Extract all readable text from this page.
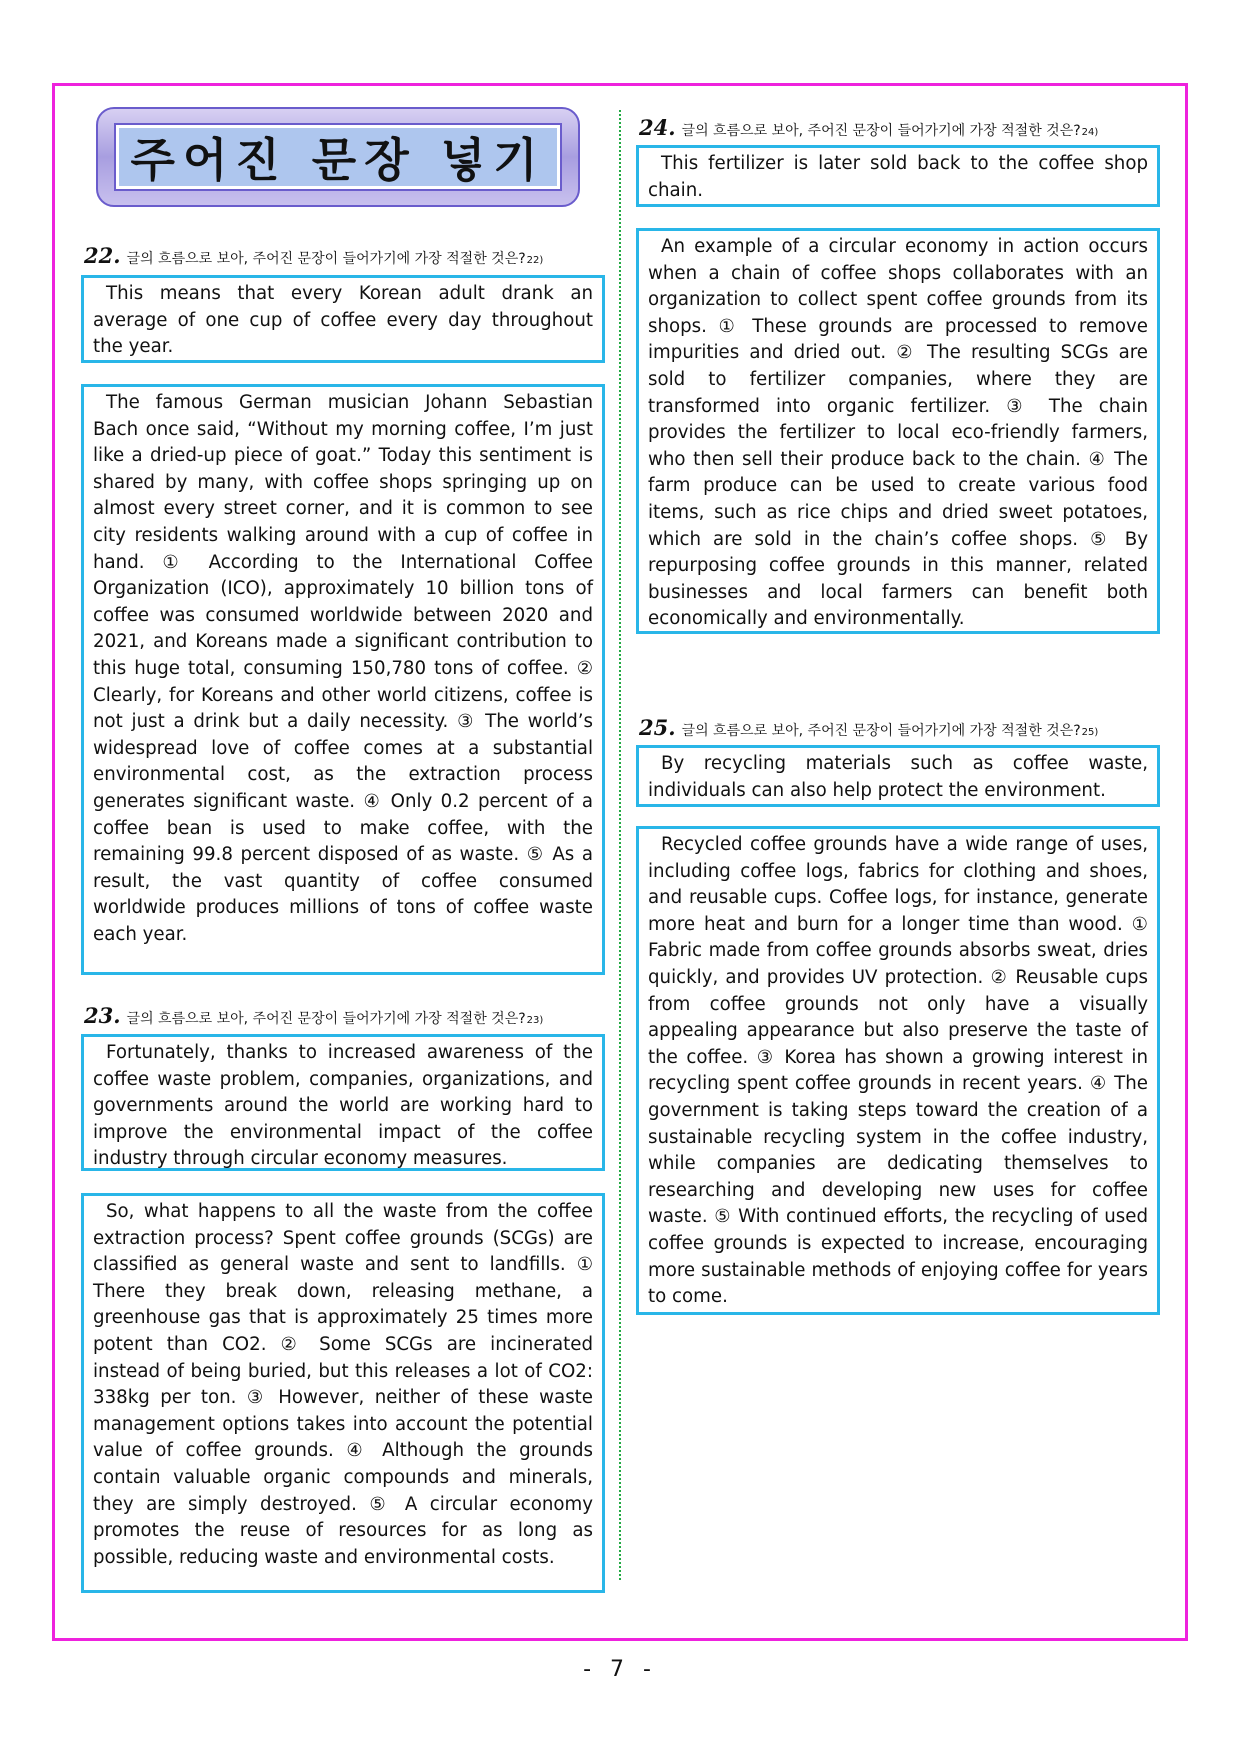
주어진 문장 넣기
22. 글의 흐름으로 보아, 주어진 문장이 들어가기에 가장 적절한 것은? 22)
This means that every Korean adult drank an average of one cup of coffee every day throughout the year.
The famous German musician Johann Sebastian Bach once said, “Without my morning coffee, I’m just like a dried-up piece of goat.” Today this sentiment is shared by many, with coffee shops springing up on almost every street corner, and it is common to see city residents walking around with a cup of coffee in hand. ① According to the International Coffee Organization (ICO), approximately 10 billion tons of coffee was consumed worldwide between 2020 and 2021, and Koreans made a significant contribution to this huge total, consuming 150,780 tons of coffee. ② Clearly, for Koreans and other world citizens, coffee is not just a drink but a daily necessity. ③ The world’s widespread love of coffee comes at a substantial environmental cost, as the extraction process generates significant waste. ④ Only 0.2 percent of a coffee bean is used to make coffee, with the remaining 99.8 percent disposed of as waste. ⑤ As a result, the vast quantity of coffee consumed worldwide produces millions of tons of coffee waste each year.
23. 글의 흐름으로 보아, 주어진 문장이 들어가기에 가장 적절한 것은? 23)
Fortunately, thanks to increased awareness of the coffee waste problem, companies, organizations, and governments around the world are working hard to improve the environmental impact of the coffee industry through circular economy measures.
So, what happens to all the waste from the coffee extraction process? Spent coffee grounds (SCGs) are classified as general waste and sent to landfills. ① There they break down, releasing methane, a greenhouse gas that is approximately 25 times more potent than CO2. ② Some SCGs are incinerated instead of being buried, but this releases a lot of CO2: 338kg per ton. ③ However, neither of these waste management options takes into account the potential value of coffee grounds. ④ Although the grounds contain valuable organic compounds and minerals, they are simply destroyed. ⑤ A circular economy promotes the reuse of resources for as long as possible, reducing waste and environmental costs.
24. 글의 흐름으로 보아, 주어진 문장이 들어가기에 가장 적절한 것은? 24)
This fertilizer is later sold back to the coffee shop chain.
An example of a circular economy in action occurs when a chain of coffee shops collaborates with an organization to collect spent coffee grounds from its shops. ① These grounds are processed to remove impurities and dried out. ② The resulting SCGs are sold to fertilizer companies, where they are transformed into organic fertilizer. ③ The chain provides the fertilizer to local eco-friendly farmers, who then sell their produce back to the chain. ④ The farm produce can be used to create various food items, such as rice chips and dried sweet potatoes, which are sold in the chain’s coffee shops. ⑤ By repurposing coffee grounds in this manner, related businesses and local farmers can benefit both economically and environmentally.
25. 글의 흐름으로 보아, 주어진 문장이 들어가기에 가장 적절한 것은? 25)
By recycling materials such as coffee waste, individuals can also help protect the environment.
Recycled coffee grounds have a wide range of uses, including coffee logs, fabrics for clothing and shoes, and reusable cups. Coffee logs, for instance, generate more heat and burn for a longer time than wood. ① Fabric made from coffee grounds absorbs sweat, dries quickly, and provides UV protection. ② Reusable cups from coffee grounds not only have a visually appealing appearance but also preserve the taste of the coffee. ③ Korea has shown a growing interest in recycling spent coffee grounds in recent years. ④ The government is taking steps toward the creation of a sustainable recycling system in the coffee industry, while companies are dedicating themselves to researching and developing new uses for coffee waste. ⑤ With continued efforts, the recycling of used coffee grounds is expected to increase, encouraging more sustainable methods of enjoying coffee for years to come.
- 7 -
